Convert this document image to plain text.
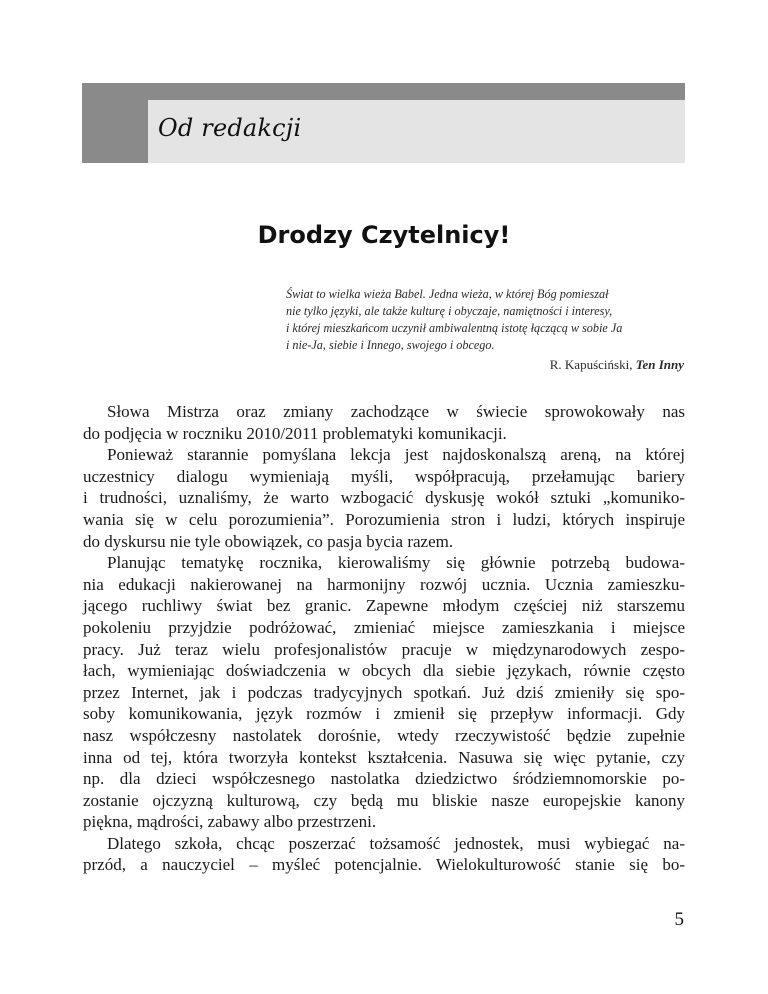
Od redakcji
Drodzy Czytelnicy!
Świat to wielka wieża Babel. Jedna wieża, w której Bóg pomieszał
nie tylko języki, ale także kulturę i obyczaje, namiętności i interesy,
i której mieszkańcom uczynił ambiwalentną istotę łączącą w sobie Ja
i nie-Ja, siebie i Innego, swojego i obcego.
R. Kapuściński, Ten Inny
Słowa Mistrza oraz zmiany zachodzące w świecie sprowokowały nas
do podjęcia w roczniku 2010/2011 problematyki komunikacji.
Ponieważ starannie pomyślana lekcja jest najdoskonalszą areną, na której
uczestnicy dialogu wymieniają myśli, współpracują, przełamując bariery
i trudności, uznaliśmy, że warto wzbogacić dyskusję wokół sztuki „komuniko-
wania się w celu porozumienia”. Porozumienia stron i ludzi, których inspiruje
do dyskursu nie tyle obowiązek, co pasja bycia razem.
Planując tematykę rocznika, kierowaliśmy się głównie potrzebą budowa-
nia edukacji nakierowanej na harmonijny rozwój ucznia. Ucznia zamieszku-
jącego ruchliwy świat bez granic. Zapewne młodym częściej niż starszemu
pokoleniu przyjdzie podróżować, zmieniać miejsce zamieszkania i miejsce
pracy. Już teraz wielu profesjonalistów pracuje w międzynarodowych zespo-
łach, wymieniając doświadczenia w obcych dla siebie językach, równie często
przez Internet, jak i podczas tradycyjnych spotkań. Już dziś zmieniły się spo-
soby komunikowania, język rozmów i zmienił się przepływ informacji. Gdy
nasz współczesny nastolatek dorośnie, wtedy rzeczywistość będzie zupełnie
inna od tej, która tworzyła kontekst kształcenia. Nasuwa się więc pytanie, czy
np. dla dzieci współczesnego nastolatka dziedzictwo śródziemnomorskie po-
zostanie ojczyzną kulturową, czy będą mu bliskie nasze europejskie kanony
piękna, mądrości, zabawy albo przestrzeni.
Dlatego szkoła, chcąc poszerzać tożsamość jednostek, musi wybiegać na-
przód, a nauczyciel – myśleć potencjalnie. Wielokulturowość stanie się bo-
5
